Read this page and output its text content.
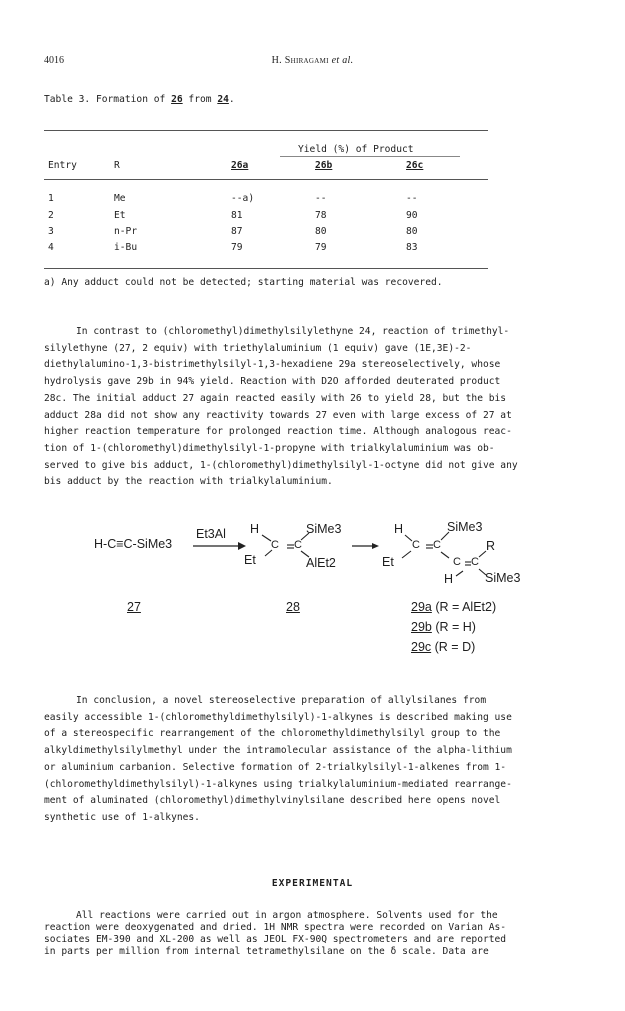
4016	H. Shiragami et al.
Table 3. Formation of 26 from 24.
Yield (%) of Product
Entry	R	26a	26b	26c
1	Me	--a)	--	--
2	Et	81	78	90
3	n-Pr	87	80	80
4	i-Bu	79	79	83
a) Any adduct could not be detected; starting material was recovered.

In contrast to (chloromethyl)dimethylsilylethyne 24, reaction of trimethyl-

silylethyne (27, 2 equiv) with triethylaluminium (1 equiv) gave (1E,3E)-2-

diethylalumino-1,3-bistrimethylsilyl-1,3-hexadiene 29a stereoselectively, whose

hydrolysis gave 29b in 94% yield. Reaction with D2O afforded deuterated product

28c. The initial adduct 27 again reacted easily with 26 to yield 28, but the bis

adduct 28a did not show any reactivity towards 27 even with large excess of 27 at

higher reaction temperature for prolonged reaction time. Although analogous reac-

tion of 1-(chloromethyl)dimethylsilyl-1-propyne with trialkylaluminium was ob-

served to give bis adduct, 1-(chloromethyl)dimethylsilyl-1-octyne did not give any

bis adduct by the reaction with trialkylaluminium.

H-C≡C-SiMe3
Et3Al H
C C
Et
SiMe3
AlEt2
H
C C
Et
SiMe3
C C
R
H	SiMe3
27	28	29a (R = AlEt2)
29b (R = H)
29c (R = D)

In conclusion, a novel stereoselective preparation of allylsilanes from

easily accessible 1-(chloromethyldimethylsilyl)-1-alkynes is described making use

of a stereospecific rearrangement of the chloromethyldimethylsilyl group to the

alkyldimethylsilylmethyl under the intramolecular assistance of the alpha-lithium

or aluminium carbanion. Selective formation of 2-trialkylsilyl-1-alkenes from 1-

(chloromethyldimethylsilyl)-1-alkynes using trialkylaluminium-mediated rearrange-

ment of aluminated (chloromethyl)dimethylvinylsilane described here opens novel

synthetic use of 1-alkynes.

EXPERIMENTAL

All reactions were carried out in argon atmosphere. Solvents used for the

reaction were deoxygenated and dried. 1H NMR spectra were recorded on Varian As-

sociates EM-390 and XL-200 as well as JEOL FX-90Q spectrometers and are reported

in parts per million from internal tetramethylsilane on the δ scale. Data are
